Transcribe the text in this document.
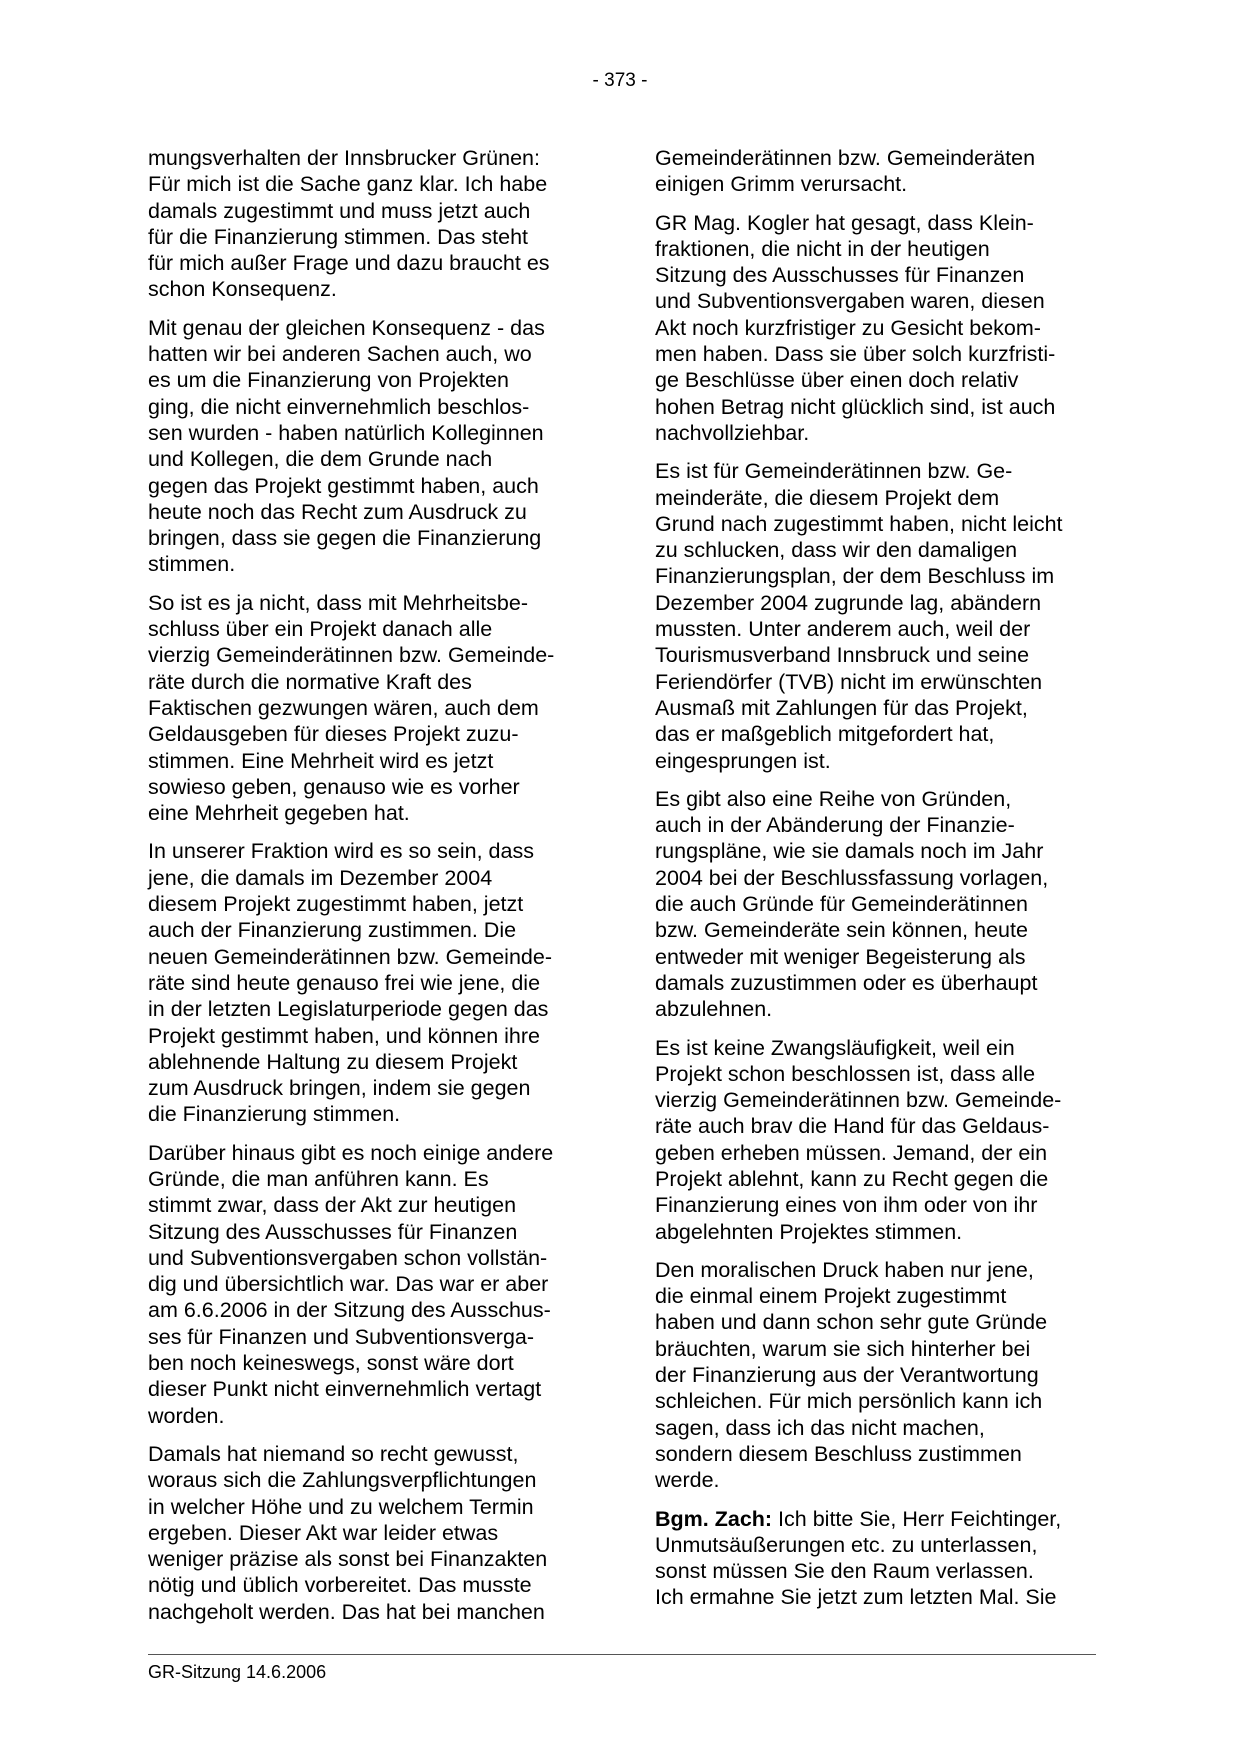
- 373 -

mungsverhalten der Innsbrucker Grünen:
Für mich ist die Sache ganz klar. Ich habe
damals zugestimmt und muss jetzt auch
für die Finanzierung stimmen. Das steht
für mich außer Frage und dazu braucht es
schon Konsequenz.

Mit genau der gleichen Konsequenz - das
hatten wir bei anderen Sachen auch, wo
es um die Finanzierung von Projekten
ging, die nicht einvernehmlich beschlos-
sen wurden - haben natürlich Kolleginnen
und Kollegen, die dem Grunde nach
gegen das Projekt gestimmt haben, auch
heute noch das Recht zum Ausdruck zu
bringen, dass sie gegen die Finanzierung
stimmen.

So ist es ja nicht, dass mit Mehrheitsbe-
schluss über ein Projekt danach alle
vierzig Gemeinderätinnen bzw. Gemeinde-
räte durch die normative Kraft des
Faktischen gezwungen wären, auch dem
Geldausgeben für dieses Projekt zuzu-
stimmen. Eine Mehrheit wird es jetzt
sowieso geben, genauso wie es vorher
eine Mehrheit gegeben hat.

In unserer Fraktion wird es so sein, dass
jene, die damals im Dezember 2004
diesem Projekt zugestimmt haben, jetzt
auch der Finanzierung zustimmen. Die
neuen Gemeinderätinnen bzw. Gemeinde-
räte sind heute genauso frei wie jene, die
in der letzten Legislaturperiode gegen das
Projekt gestimmt haben, und können ihre
ablehnende Haltung zu diesem Projekt
zum Ausdruck bringen, indem sie gegen
die Finanzierung stimmen.

Darüber hinaus gibt es noch einige andere
Gründe, die man anführen kann. Es
stimmt zwar, dass der Akt zur heutigen
Sitzung des Ausschusses für Finanzen
und Subventionsvergaben schon vollstän-
dig und übersichtlich war. Das war er aber
am 6.6.2006 in der Sitzung des Ausschus-
ses für Finanzen und Subventionsverga-
ben noch keineswegs, sonst wäre dort
dieser Punkt nicht einvernehmlich vertagt
worden.

Damals hat niemand so recht gewusst,
woraus sich die Zahlungsverpflichtungen
in welcher Höhe und zu welchem Termin
ergeben. Dieser Akt war leider etwas
weniger präzise als sonst bei Finanzakten
nötig und üblich vorbereitet. Das musste
nachgeholt werden. Das hat bei manchen

Gemeinderätinnen bzw. Gemeinderäten
einigen Grimm verursacht.

GR Mag. Kogler hat gesagt, dass Klein-
fraktionen, die nicht in der heutigen
Sitzung des Ausschusses für Finanzen
und Subventionsvergaben waren, diesen
Akt noch kurzfristiger zu Gesicht bekom-
men haben. Dass sie über solch kurzfristi-
ge Beschlüsse über einen doch relativ
hohen Betrag nicht glücklich sind, ist auch
nachvollziehbar.

Es ist für Gemeinderätinnen bzw. Ge-
meinderäte, die diesem Projekt dem
Grund nach zugestimmt haben, nicht leicht
zu schlucken, dass wir den damaligen
Finanzierungsplan, der dem Beschluss im
Dezember 2004 zugrunde lag, abändern
mussten. Unter anderem auch, weil der
Tourismusverband Innsbruck und seine
Feriendörfer (TVB) nicht im erwünschten
Ausmaß mit Zahlungen für das Projekt,
das er maßgeblich mitgefordert hat,
eingesprungen ist.

Es gibt also eine Reihe von Gründen,
auch in der Abänderung der Finanzie-
rungspläne, wie sie damals noch im Jahr
2004 bei der Beschlussfassung vorlagen,
die auch Gründe für Gemeinderätinnen
bzw. Gemeinderäte sein können, heute
entweder mit weniger Begeisterung als
damals zuzustimmen oder es überhaupt
abzulehnen.

Es ist keine Zwangsläufigkeit, weil ein
Projekt schon beschlossen ist, dass alle
vierzig Gemeinderätinnen bzw. Gemeinde-
räte auch brav die Hand für das Geldaus-
geben erheben müssen. Jemand, der ein
Projekt ablehnt, kann zu Recht gegen die
Finanzierung eines von ihm oder von ihr
abgelehnten Projektes stimmen.

Den moralischen Druck haben nur jene,
die einmal einem Projekt zugestimmt
haben und dann schon sehr gute Gründe
bräuchten, warum sie sich hinterher bei
der Finanzierung aus der Verantwortung
schleichen. Für mich persönlich kann ich
sagen, dass ich das nicht machen,
sondern diesem Beschluss zustimmen
werde.

Bgm. Zach: Ich bitte Sie, Herr Feichtinger,
Unmutsäußerungen etc. zu unterlassen,
sonst müssen Sie den Raum verlassen.
Ich ermahne Sie jetzt zum letzten Mal. Sie

GR-Sitzung 14.6.2006
